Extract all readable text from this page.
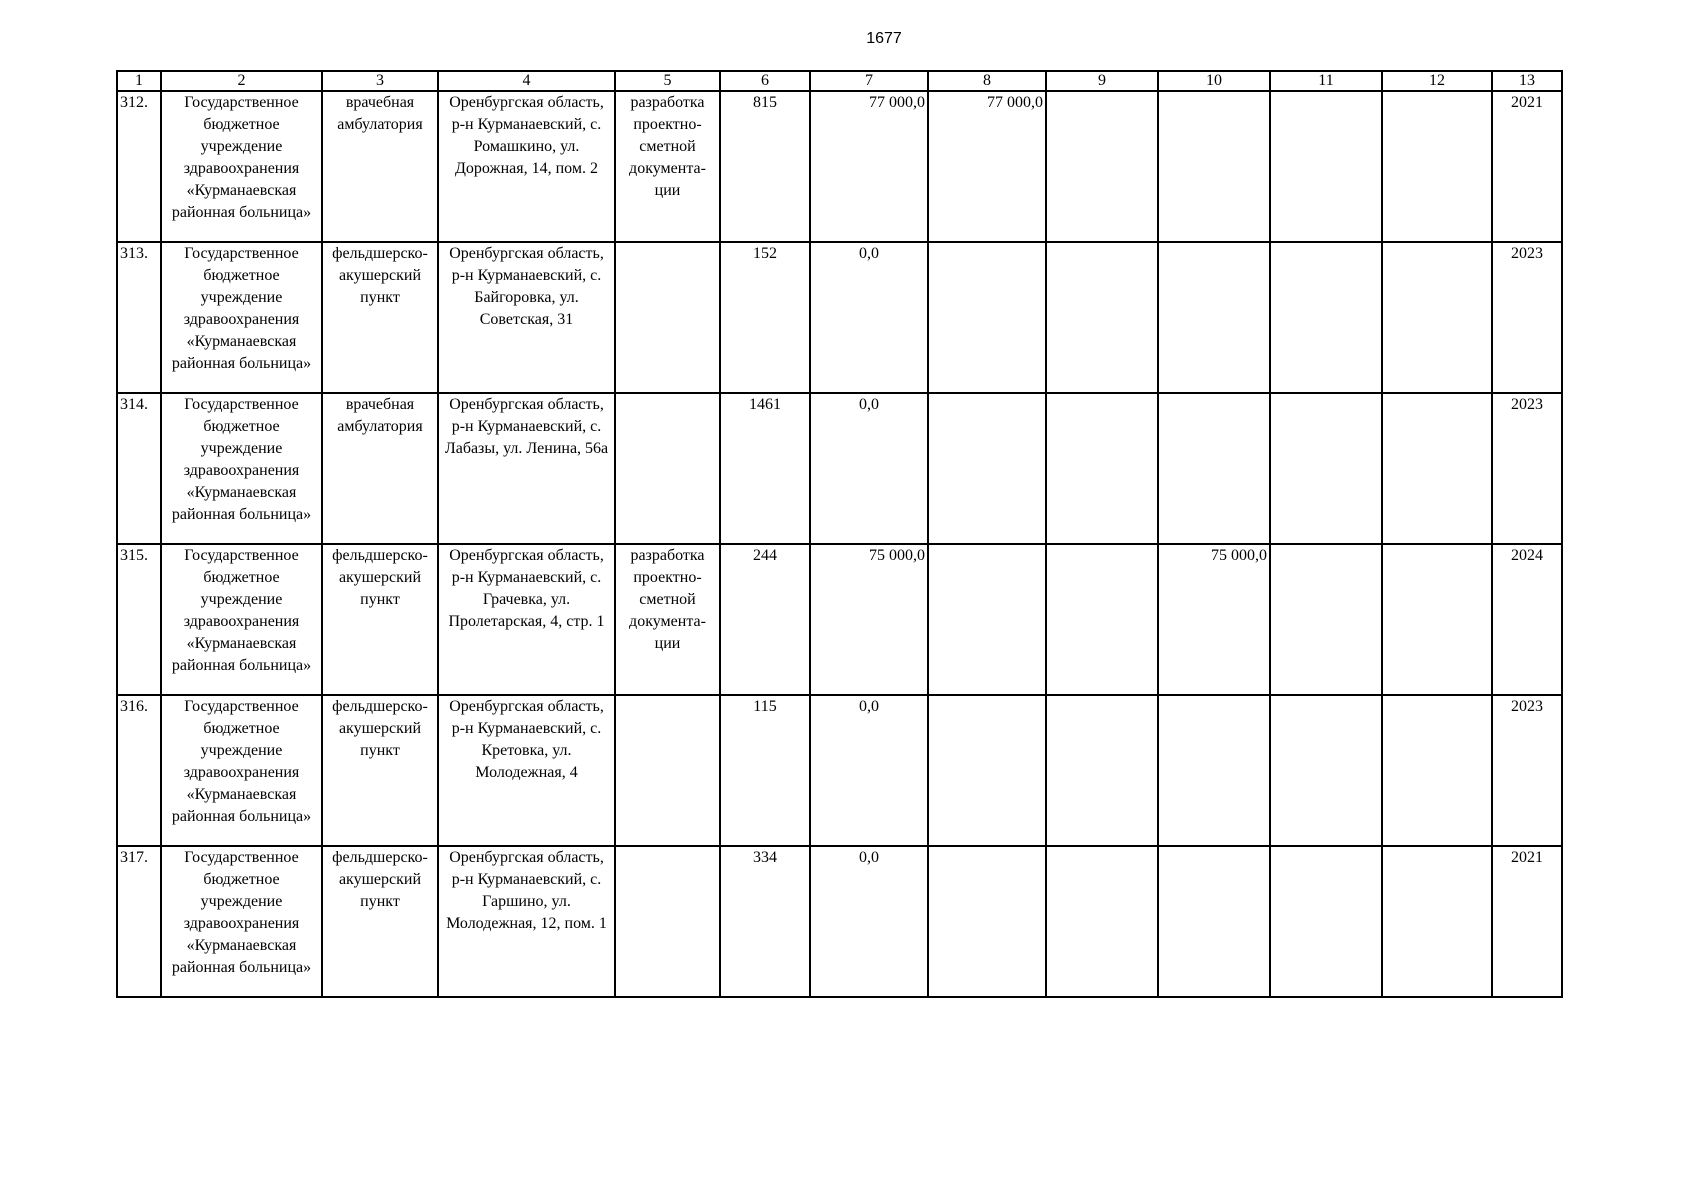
1677
1	2	3	4	5	6	7	8	9	10	11	12	13
312.	Государственное бюджетное учреждение здравоохранения «Курманаевская районная больница»	врачебная амбулатория	Оренбургская область, р-н Курманаевский, с. Ромашкино, ул. Дорожная, 14, пом. 2	разработка проектно-сметной документа-ции	815	77 000,0	77 000,0					2021
313.	Государственное бюджетное учреждение здравоохранения «Курманаевская районная больница»	фельдшерско-акушерский пункт	Оренбургская область, р-н Курманаевский, с. Байгоровка, ул. Советская, 31		152	0,0						2023
314.	Государственное бюджетное учреждение здравоохранения «Курманаевская районная больница»	врачебная амбулатория	Оренбургская область, р-н Курманаевский, с. Лабазы, ул. Ленина, 56а		1461	0,0						2023
315.	Государственное бюджетное учреждение здравоохранения «Курманаевская районная больница»	фельдшерско-акушерский пункт	Оренбургская область, р-н Курманаевский, с. Грачевка, ул. Пролетарская, 4, стр. 1	разработка проектно-сметной документа-ции	244	75 000,0			75 000,0			2024
316.	Государственное бюджетное учреждение здравоохранения «Курманаевская районная больница»	фельдшерско-акушерский пункт	Оренбургская область, р-н Курманаевский, с. Кретовка, ул. Молодежная, 4		115	0,0						2023
317.	Государственное бюджетное учреждение здравоохранения «Курманаевская районная больница»	фельдшерско-акушерский пункт	Оренбургская область, р-н Курманаевский, с. Гаршино, ул. Молодежная, 12, пом. 1		334	0,0						2021
